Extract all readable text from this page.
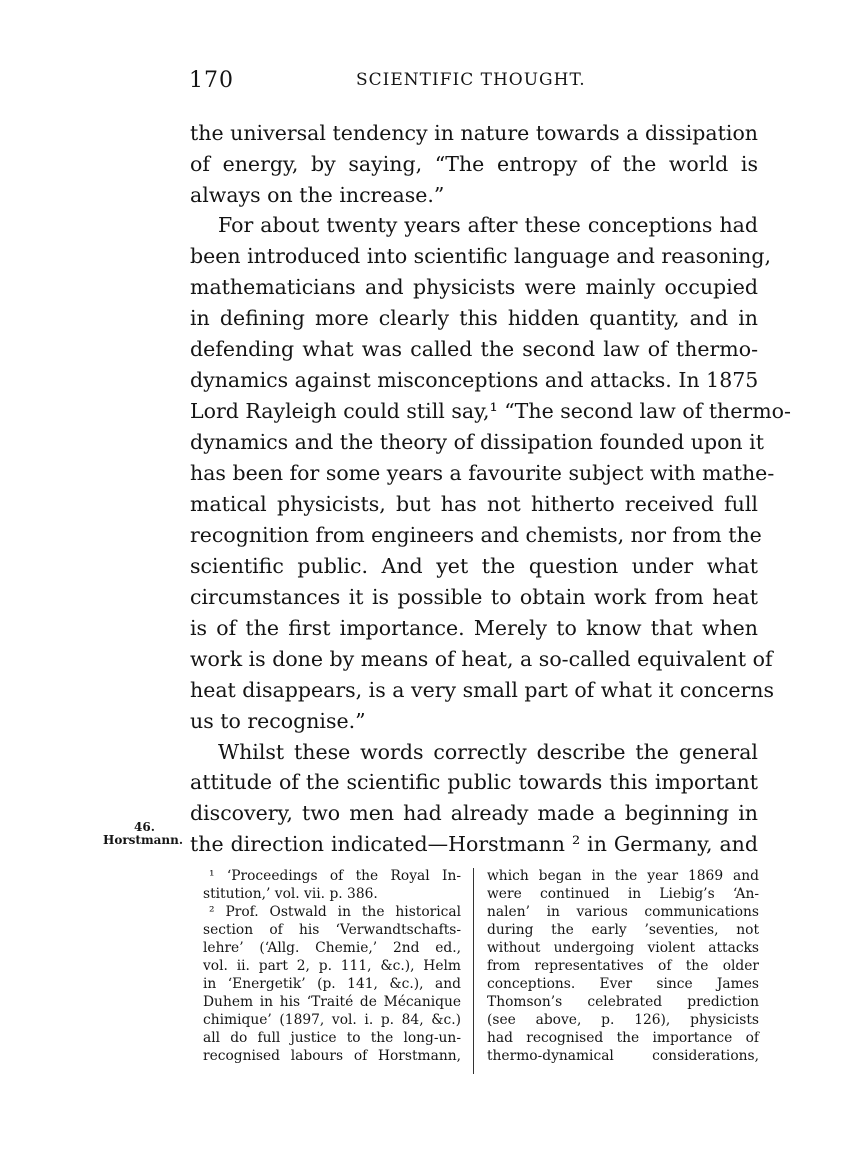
170	SCIENTIFIC THOUGHT.
the universal tendency in nature towards a dissipation
of energy, by saying, “The entropy of the world is
always on the increase.”
For about twenty years after these conceptions had
been introduced into scientific language and reasoning,
mathematicians and physicists were mainly occupied
in defining more clearly this hidden quantity, and in
defending what was called the second law of thermo-
dynamics against misconceptions and attacks. In 1875
Lord Rayleigh could still say,¹ “The second law of thermo-
dynamics and the theory of dissipation founded upon it
has been for some years a favourite subject with mathe-
matical physicists, but has not hitherto received full
recognition from engineers and chemists, nor from the
scientific public. And yet the question under what
circumstances it is possible to obtain work from heat
is of the first importance. Merely to know that when
work is done by means of heat, a so-called equivalent of
heat disappears, is a very small part of what it concerns
us to recognise.”
Whilst these words correctly describe the general
attitude of the scientific public towards this important
discovery, two men had already made a beginning in
the direction indicated—Horstmann ² in Germany, and
46.
Horstmann.
¹ ‘Proceedings of the Royal In-
stitution,’ vol. vii. p. 386.
² Prof. Ostwald in the historical
section of his ‘Verwandtschafts-
lehre’ (‘Allg. Chemie,’ 2nd ed.,
vol. ii. part 2, p. 111, &c.), Helm
in ‘Energetik’ (p. 141, &c.), and
Duhem in his ‘Traité de Mécanique
chimique’ (1897, vol. i. p. 84, &c.)
all do full justice to the long-un-
recognised labours of Horstmann,
which began in the year 1869 and
were continued in Liebig’s ‘An-
nalen’ in various communications
during the early ’seventies, not
without undergoing violent attacks
from representatives of the older
conceptions. Ever since James
Thomson’s celebrated prediction
(see above, p. 126), physicists
had recognised the importance of
thermo-dynamical considerations,
